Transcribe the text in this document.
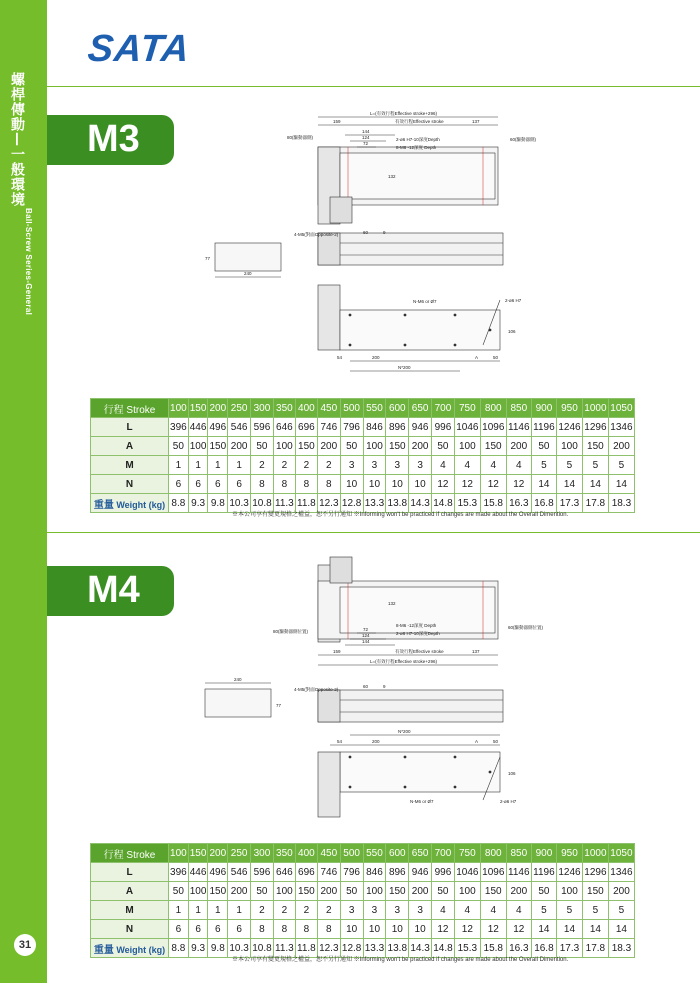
螺桿傳動—一般環境
Ball-Screw Series-General
31
SATA
M3
L=(有效行程Effective stroke+296)
有效行程Effective stroke
159	137
144
124
72
80(驅動器側)	60(驅動器側)
2-ø6 H7-10深度Depth
8-M6 -12深度 Depth
132
4-M5(對面Opposite-2)	60	9
77
240
N-M6 or Ø7	2-ø6 H7
106
54	200	A	50
N*200
行程 Stroke	100	150	200	250	300	350	400	450	500	550	600	650	700	750	800	850	900	950	1000	1050
L	396	446	496	546	596	646	696	746	796	846	896	946	996	1046	1096	1146	1196	1246	1296	1346
A	50	100	150	200	50	100	150	200	50	100	150	200	50	100	150	200	50	100	150	200
M	1	1	1	1	2	2	2	2	3	3	3	3	4	4	4	4	5	5	5	5
N	6	6	6	6	8	8	8	8	10	10	10	10	12	12	12	12	14	14	14	14
重量 Weight (kg)	8.8	9.3	9.8	10.3	10.8	11.3	11.8	12.3	12.8	13.3	13.8	14.3	14.8	15.3	15.8	16.3	16.8	17.3	17.8	18.3
※本公司享有變更規格之權益，恕不另行通知 ※Informing won't be practiced if changes are made about the Overall Dimention.
M4	132
72
124
144
8-M6 -12深度 Depth
2-ø6 H7-10深度Depth
80(驅動器側位置)
60(驅動器側位置)
159	有效行程Effective stroke	137
L=(有效行程Effective stroke+296)
4-M5(對面Opposite-2)
60	9
240
77
N*200
54	200	A	50
106
N-M6 or Ø7	2-ø6 H7
行程 Stroke	100	150	200	250	300	350	400	450	500	550	600	650	700	750	800	850	900	950	1000	1050
L	396	446	496	546	596	646	696	746	796	846	896	946	996	1046	1096	1146	1196	1246	1296	1346
A	50	100	150	200	50	100	150	200	50	100	150	200	50	100	150	200	50	100	150	200
M	1	1	1	1	2	2	2	2	3	3	3	3	4	4	4	4	5	5	5	5
N	6	6	6	6	8	8	8	8	10	10	10	10	12	12	12	12	14	14	14	14
重量 Weight (kg)	8.8	9.3	9.8	10.3	10.8	11.3	11.8	12.3	12.8	13.3	13.8	14.3	14.8	15.3	15.8	16.3	16.8	17.3	17.8	18.3
※本公司享有變更規格之權益，恕不另行通知 ※Informing won't be practiced if changes are made about the Overall Dimention.
